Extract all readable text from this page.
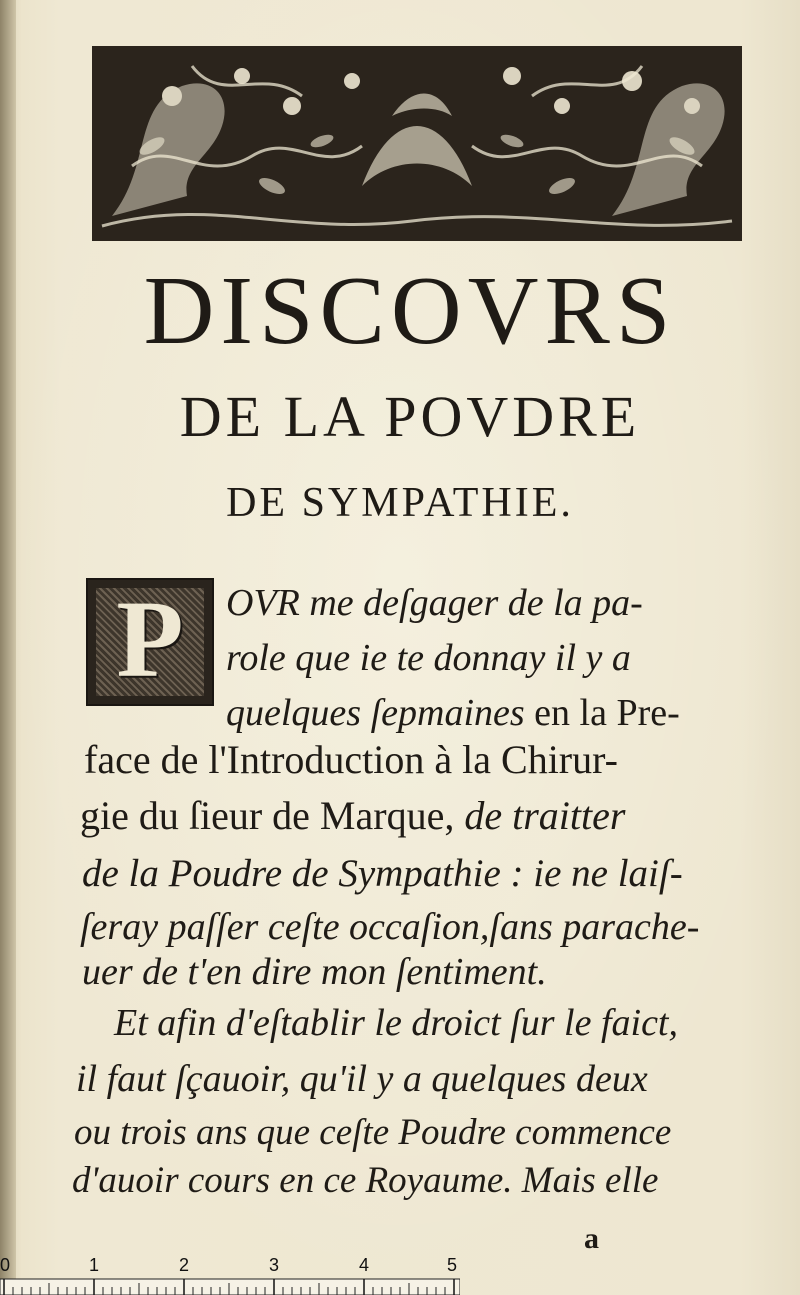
DISCOVRS
DE LA POVDRE
DE SYMPATHIE.
P	OVR me deſgager de la pa-
role que ie te donnay il y a
quelques ſepmaines en la Pre-
face de l'Introduction à la Chirur-
gie du ſieur de Marque, de traitter
de la Poudre de Sympathie : ie ne laiſ-
ſeray paſſer ceſte occaſion,ſans parache-
uer de t'en dire mon ſentiment.
Et afin d'eſtablir le droict ſur le faict,
il faut ſçauoir, qu'il y a quelques deux
ou trois ans que ceſte Poudre commence
d'auoir cours en ce Royaume. Mais elle
a
0	1	2	3	4	5
